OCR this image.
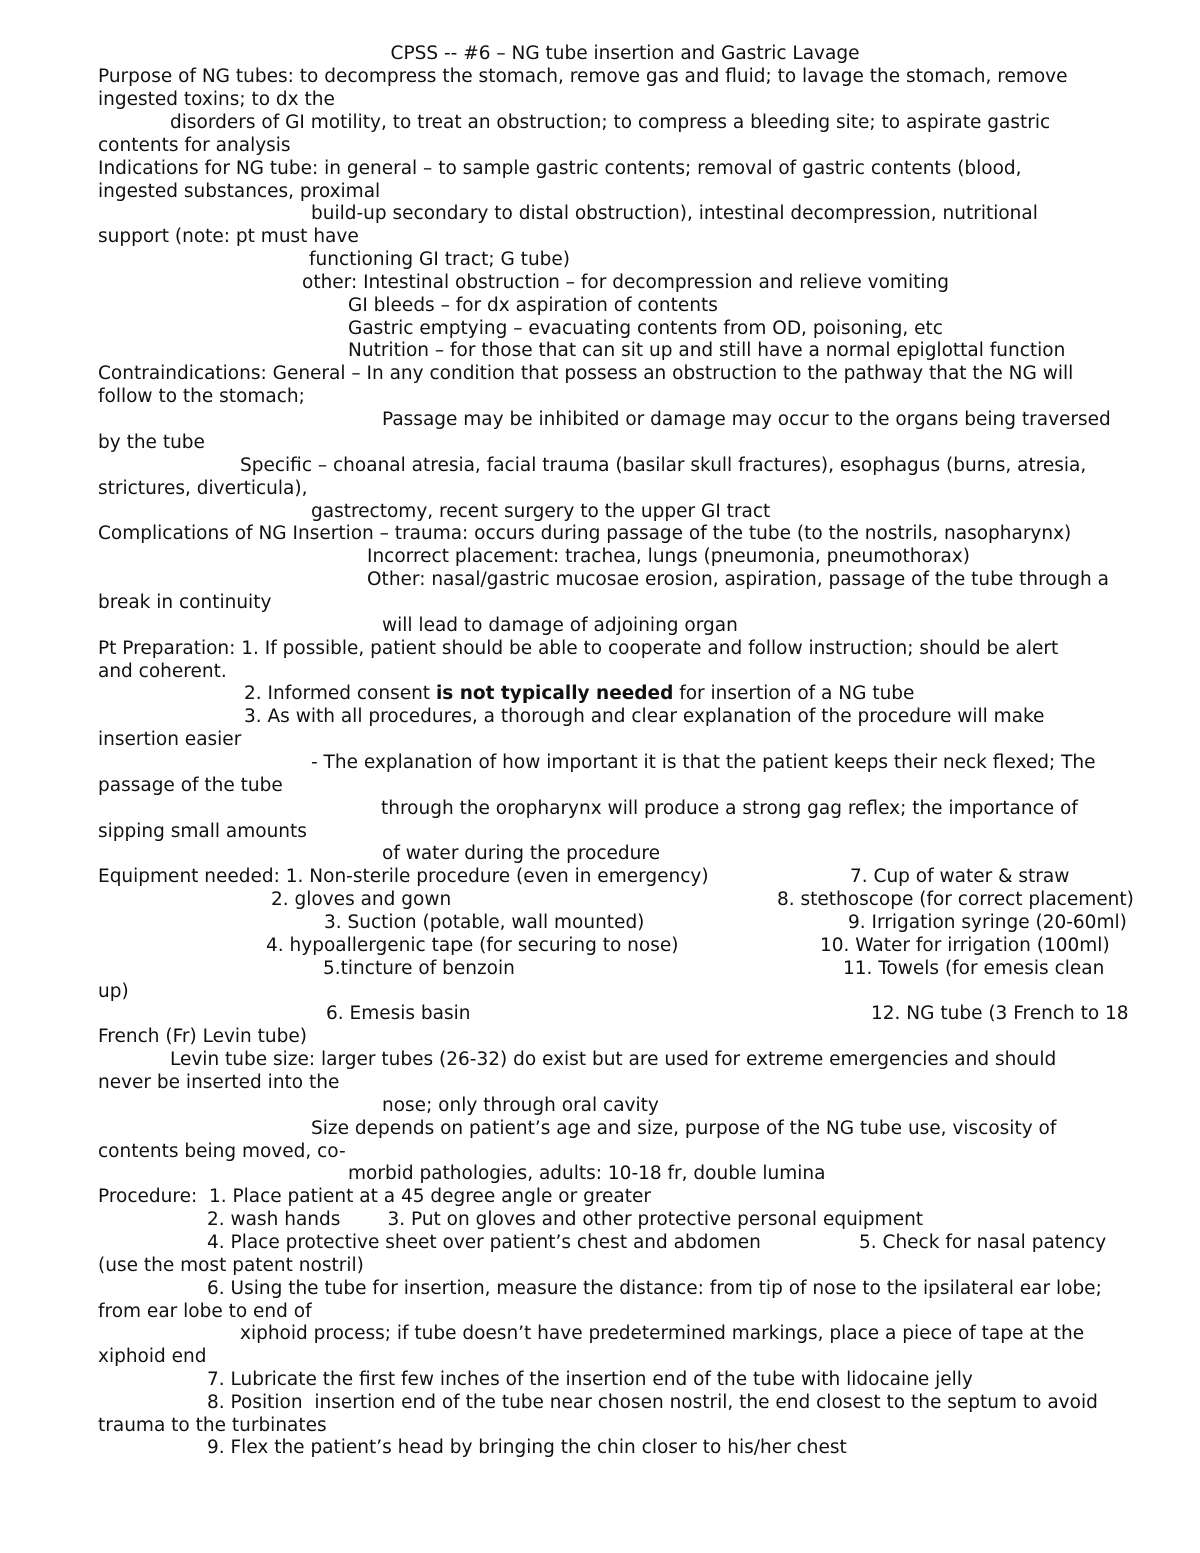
CPSS -- #6 – NG tube insertion and Gastric Lavage
Purpose of NG tubes: to decompress the stomach, remove gas and fluid; to lavage the stomach, remove
ingested toxins; to dx the
disorders of GI motility, to treat an obstruction; to compress a bleeding site; to aspirate gastric
contents for analysis
Indications for NG tube: in general – to sample gastric contents; removal of gastric contents (blood,
ingested substances, proximal
build-up secondary to distal obstruction), intestinal decompression, nutritional
support (note: pt must have
functioning GI tract; G tube)
other: Intestinal obstruction – for decompression and relieve vomiting
GI bleeds – for dx aspiration of contents
Gastric emptying – evacuating contents from OD, poisoning, etc
Nutrition – for those that can sit up and still have a normal epiglottal function
Contraindications: General – In any condition that possess an obstruction to the pathway that the NG will
follow to the stomach;
Passage may be inhibited or damage may occur to the organs being traversed
by the tube
Specific – choanal atresia, facial trauma (basilar skull fractures), esophagus (burns, atresia,
strictures, diverticula),
gastrectomy, recent surgery to the upper GI tract
Complications of NG Insertion – trauma: occurs during passage of the tube (to the nostrils, nasopharynx)
Incorrect placement: trachea, lungs (pneumonia, pneumothorax)
Other: nasal/gastric mucosae erosion, aspiration, passage of the tube through a
break in continuity
will lead to damage of adjoining organ
Pt Preparation: 1. If possible, patient should be able to cooperate and follow instruction; should be alert
and coherent.
2. Informed consent is not typically needed for insertion of a NG tube
3. As with all procedures, a thorough and clear explanation of the procedure will make
insertion easier
- The explanation of how important it is that the patient keeps their neck flexed; The
passage of the tube
through the oropharynx will produce a strong gag reflex; the importance of
sipping small amounts
of water during the procedure
Equipment needed: 1. Non-sterile procedure (even in emergency)	7. Cup of water & straw
2. gloves and gown	8. stethoscope (for correct placement)
3. Suction (potable, wall mounted)	9. Irrigation syringe (20-60ml)
4. hypoallergenic tape (for securing to nose)	10. Water for irrigation (100ml)
5.tincture of benzoin	11. Towels (for emesis clean
up)
6. Emesis basin	12. NG tube (3 French to 18
French (Fr) Levin tube)
Levin tube size: larger tubes (26-32) do exist but are used for extreme emergencies and should
never be inserted into the
nose; only through oral cavity
Size depends on patient’s age and size, purpose of the NG tube use, viscosity of
contents being moved, co-
morbid pathologies, adults: 10-18 fr, double lumina
Procedure:  1. Place patient at a 45 degree angle or greater
2. wash hands        3. Put on gloves and other protective personal equipment
4. Place protective sheet over patient’s chest and abdomen	5. Check for nasal patency
(use the most patent nostril)
6. Using the tube for insertion, measure the distance: from tip of nose to the ipsilateral ear lobe;
from ear lobe to end of
xiphoid process; if tube doesn’t have predetermined markings, place a piece of tape at the
xiphoid end
7. Lubricate the first few inches of the insertion end of the tube with lidocaine jelly
8. Position  insertion end of the tube near chosen nostril, the end closest to the septum to avoid
trauma to the turbinates
9. Flex the patient’s head by bringing the chin closer to his/her chest
